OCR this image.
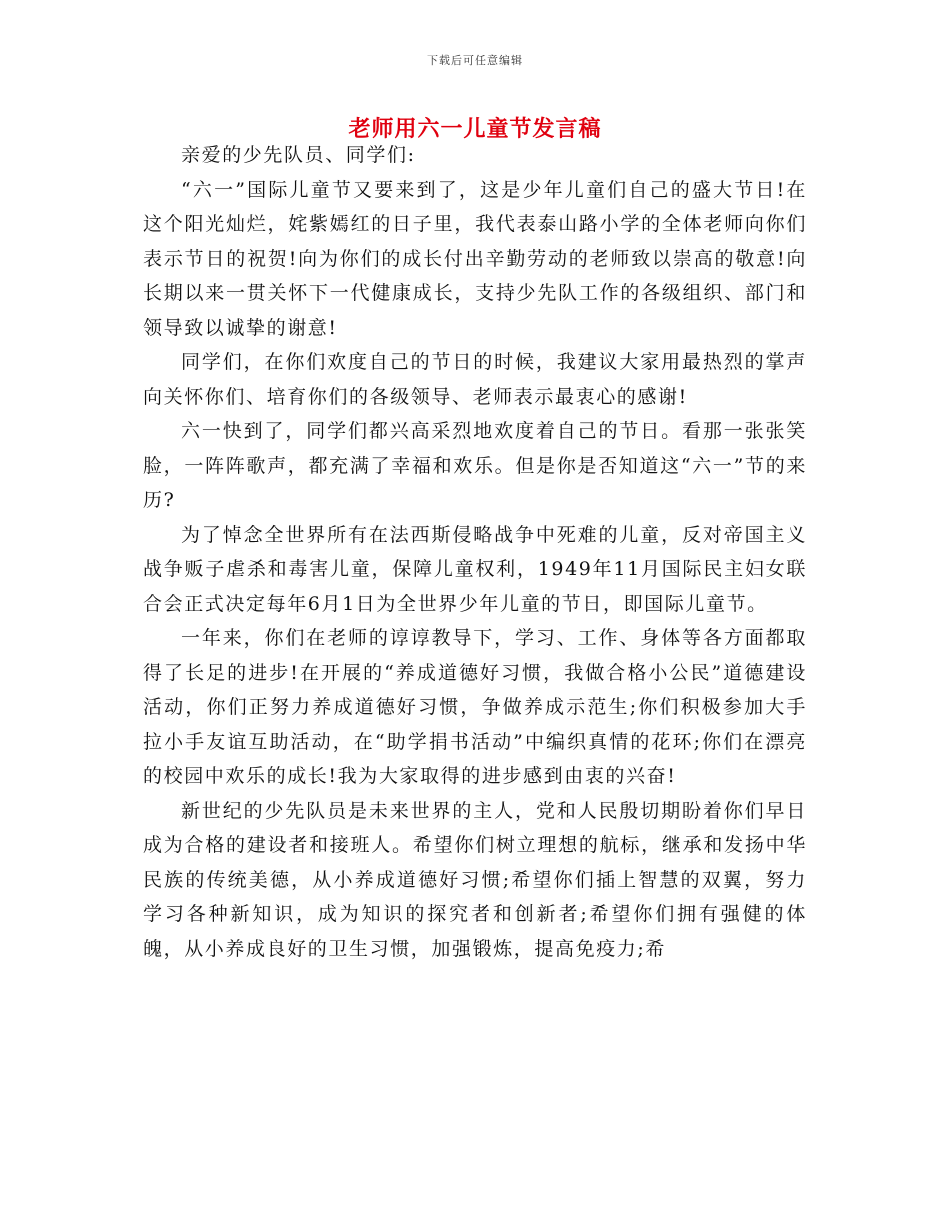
下载后可任意编辑
老师用六一儿童节发言稿

亲爱的少先队员、同学们:

“六一”国际儿童节又要来到了，这是少年儿童们自己的盛大节日!在这个阳光灿烂，姹紫嫣红的日子里，我代表泰山路小学的全体老师向你们表示节日的祝贺!向为你们的成长付出辛勤劳动的老师致以崇高的敬意!向长期以来一贯关怀下一代健康成长，支持少先队工作的各级组织、部门和领导致以诚挚的谢意!

同学们，在你们欢度自己的节日的时候，我建议大家用最热烈的掌声向关怀你们、培育你们的各级领导、老师表示最衷心的感谢!

六一快到了，同学们都兴高采烈地欢度着自己的节日。看那一张张笑脸，一阵阵歌声，都充满了幸福和欢乐。但是你是否知道这“六一”节的来历?

为了悼念全世界所有在法西斯侵略战争中死难的儿童，反对帝国主义战争贩子虐杀和毒害儿童，保障儿童权利，1949年11月国际民主妇女联合会正式决定每年6月1日为全世界少年儿童的节日，即国际儿童节。

一年来，你们在老师的谆谆教导下，学习、工作、身体等各方面都取得了长足的进步!在开展的“养成道德好习惯，我做合格小公民”道德建设活动，你们正努力养成道德好习惯，争做养成示范生;你们积极参加大手拉小手友谊互助活动，在“助学捐书活动”中编织真情的花环;你们在漂亮的校园中欢乐的成长!我为大家取得的进步感到由衷的兴奋!

新世纪的少先队员是未来世界的主人，党和人民殷切期盼着你们早日成为合格的建设者和接班人。希望你们树立理想的航标，继承和发扬中华民族的传统美德，从小养成道德好习惯;希望你们插上智慧的双翼，努力学习各种新知识，成为知识的探究者和创新者;希望你们拥有强健的体魄，从小养成良好的卫生习惯，加强锻炼，提高免疫力;希
